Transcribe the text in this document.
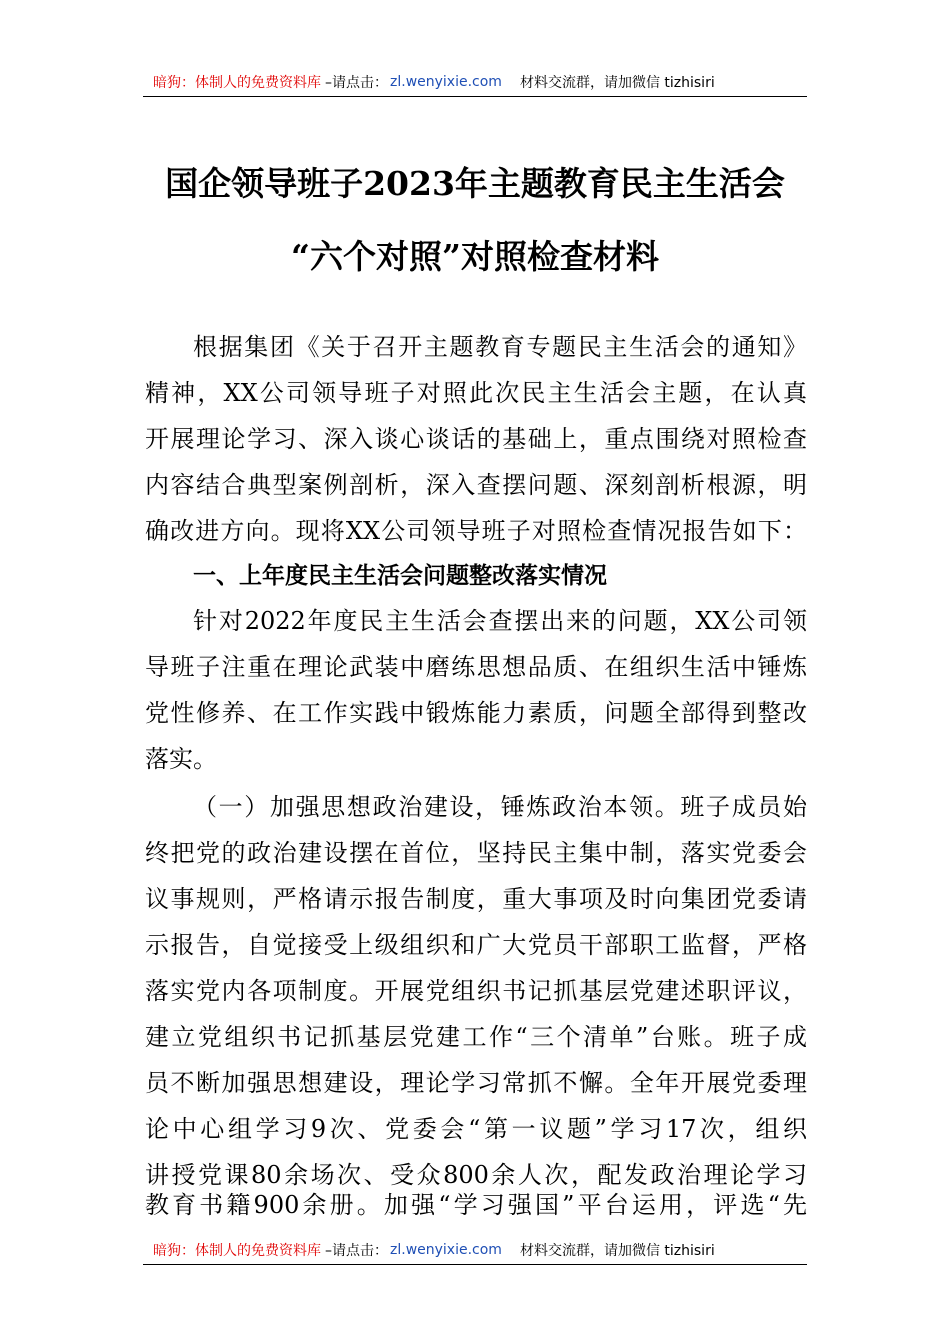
暗狗：体制人的免费资料库 –请点击： zl.wenyixie.com 材料交流群，请加微信 tizhisiri
国企领导班子2023年主题教育民主生活会
“六个对照”对照检查材料
根据集团《关于召开主题教育专题民主生活会的通知》
精神，XX公司领导班子对照此次民主生活会主题，在认真
开展理论学习、深入谈心谈话的基础上，重点围绕对照检查
内容结合典型案例剖析，深入查摆问题、深刻剖析根源，明
确改进方向。现将XX公司领导班子对照检查情况报告如下：
一、上年度民主生活会问题整改落实情况
针对2022年度民主生活会查摆出来的问题，XX公司领
导班子注重在理论武装中磨练思想品质、在组织生活中锤炼
党性修养、在工作实践中锻炼能力素质，问题全部得到整改
落实。
（一）加强思想政治建设，锤炼政治本领。班子成员始
终把党的政治建设摆在首位，坚持民主集中制，落实党委会
议事规则，严格请示报告制度，重大事项及时向集团党委请
示报告，自觉接受上级组织和广大党员干部职工监督，严格
落实党内各项制度。开展党组织书记抓基层党建述职评议，
建立党组织书记抓基层党建工作“三个清单”台账。班子成
员不断加强思想建设，理论学习常抓不懈。全年开展党委理
论中心组学习9次、党委会“第一议题”学习17次，组织
讲授党课80余场次、受众800余人次，配发政治理论学习
教育书籍900余册。加强“学习强国”平台运用，评选“先
暗狗：体制人的免费资料库 –请点击： zl.wenyixie.com 材料交流群，请加微信 tizhisiri
